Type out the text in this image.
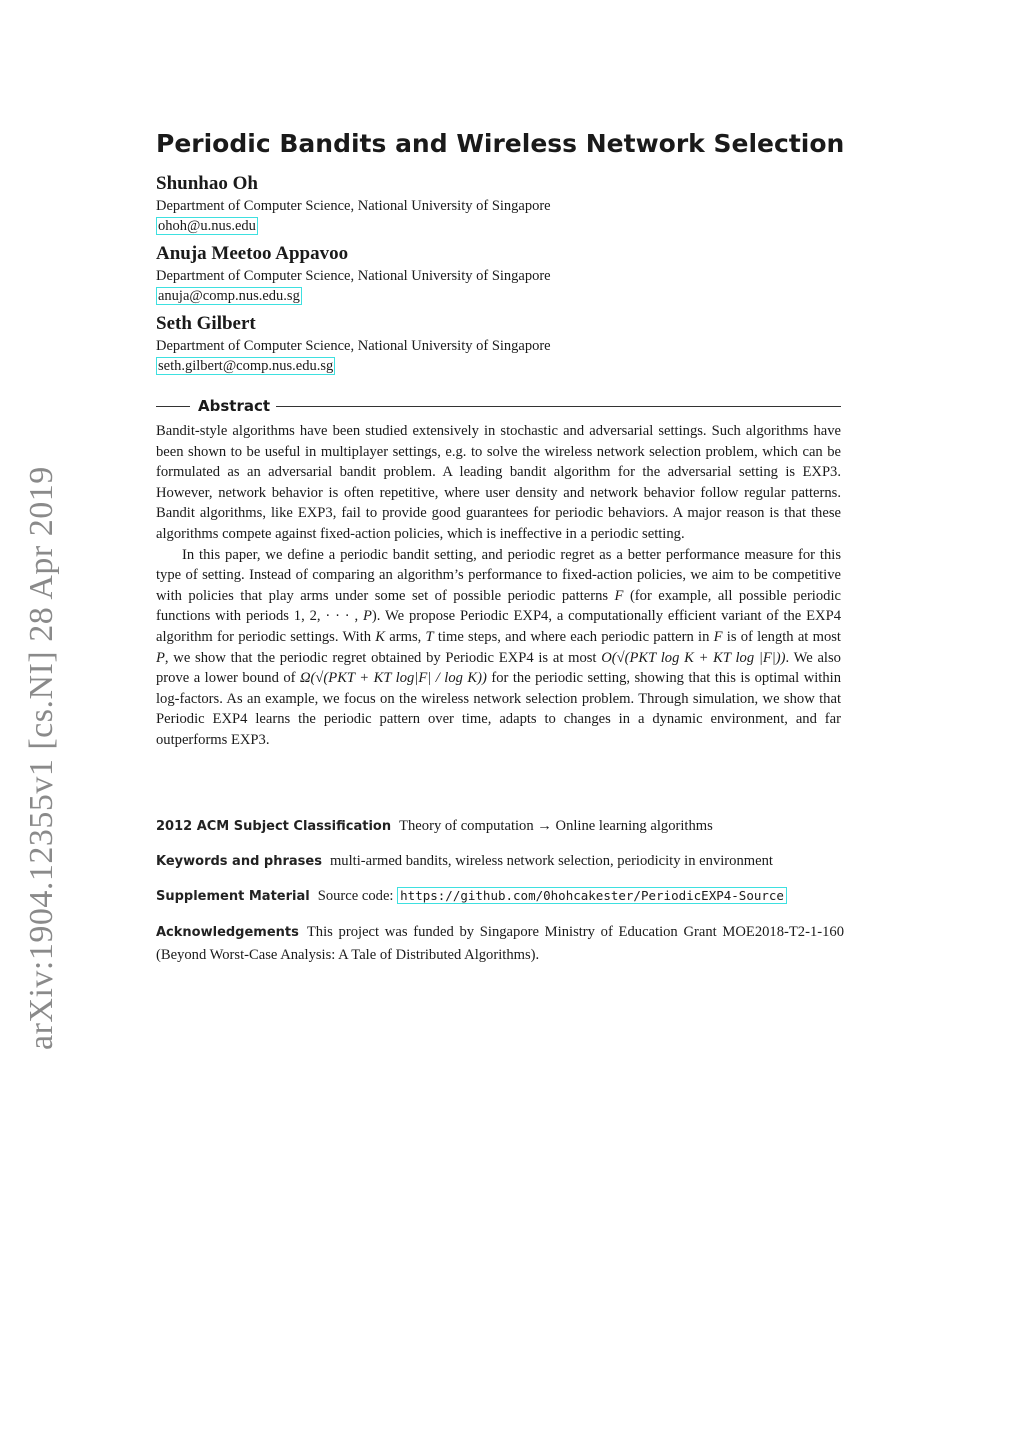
arXiv:1904.12355v1 [cs.NI] 28 Apr 2019
Periodic Bandits and Wireless Network Selection
Shunhao Oh
Department of Computer Science, National University of Singapore
ohoh@u.nus.edu
Anuja Meetoo Appavoo
Department of Computer Science, National University of Singapore
anuja@comp.nus.edu.sg
Seth Gilbert
Department of Computer Science, National University of Singapore
seth.gilbert@comp.nus.edu.sg
Abstract

Bandit-style algorithms have been studied extensively in stochastic and adversarial settings. Such algorithms have been shown to be useful in multiplayer settings, e.g. to solve the wireless network selection problem, which can be formulated as an adversarial bandit problem. A leading bandit algorithm for the adversarial setting is EXP3. However, network behavior is often repetitive, where user density and network behavior follow regular patterns. Bandit algorithms, like EXP3, fail to provide good guarantees for periodic behaviors. A major reason is that these algorithms compete against fixed-action policies, which is ineffective in a periodic setting.

In this paper, we define a periodic bandit setting, and periodic regret as a better performance measure for this type of setting. Instead of comparing an algorithm’s performance to fixed-action policies, we aim to be competitive with policies that play arms under some set of possible periodic patterns F (for example, all possible periodic functions with periods 1, 2, · · · , P). We propose Periodic EXP4, a computationally efficient variant of the EXP4 algorithm for periodic settings. With K arms, T time steps, and where each periodic pattern in F is of length at most P, we show that the periodic regret obtained by Periodic EXP4 is at most O(√(PKT log K + KT log |F|)). We also prove a lower bound of Ω(√(PKT + KT log|F| / log K)) for the periodic setting, showing that this is optimal within log-factors. As an example, we focus on the wireless network selection problem. Through simulation, we show that Periodic EXP4 learns the periodic pattern over time, adapts to changes in a dynamic environment, and far outperforms EXP3.

2012 ACM Subject Classification Theory of computation → Online learning algorithms
Keywords and phrases multi-armed bandits, wireless network selection, periodicity in environment
Supplement Material Source code: https://github.com/0hohcakester/PeriodicEXP4-Source
Acknowledgements This project was funded by Singapore Ministry of Education Grant MOE2018-T2-1-160 (Beyond Worst-Case Analysis: A Tale of Distributed Algorithms).
